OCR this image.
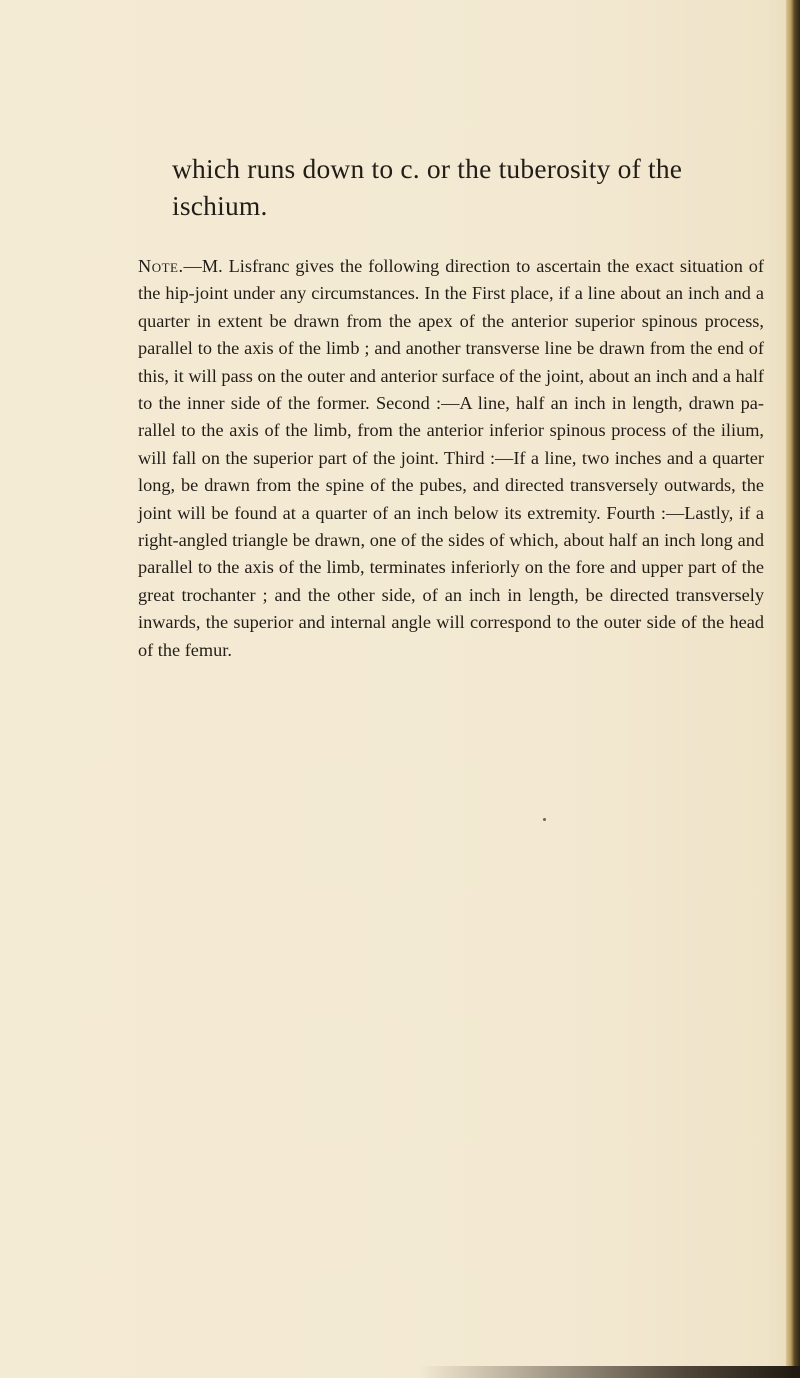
which runs down to c. or the tuberosity of the ischium.
Note.—M. Lisfranc gives the following direction to ascertain the exact situation of the hip-joint under any circumstances. In the First place, if a line about an inch and a quarter in extent be drawn from the apex of the anterior superior spinous process, parallel to the axis of the limb ; and another transverse line be drawn from the end of this, it will pass on the outer and anterior surface of the joint, about an inch and a half to the inner side of the former. Second :—A line, half an inch in length, drawn pa-rallel to the axis of the limb, from the anterior inferior spinous process of the ilium, will fall on the superior part of the joint. Third :—If a line, two inches and a quarter long, be drawn from the spine of the pubes, and directed transversely outwards, the joint will be found at a quarter of an inch below its extremity. Fourth :—Lastly, if a right-angled triangle be drawn, one of the sides of which, about half an inch long and parallel to the axis of the limb, terminates inferiorly on the fore and upper part of the great trochanter ; and the other side, of an inch in length, be directed transversely inwards, the superior and internal angle will correspond to the outer side of the head of the femur.
